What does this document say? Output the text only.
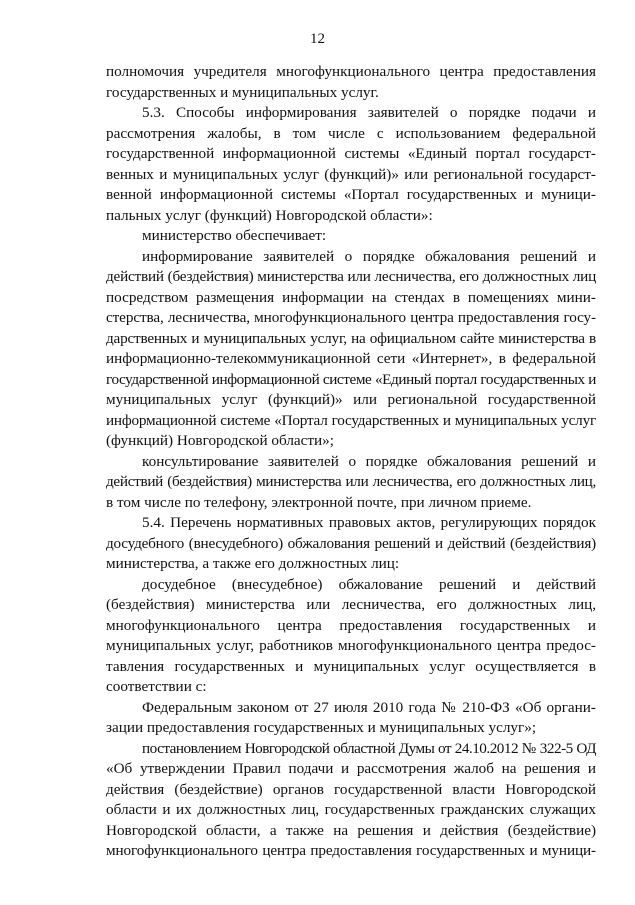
12
полномочия учредителя многофункционального центра предоставления
государственных и муниципальных услуг.
5.3. Способы информирования заявителей о порядке подачи и
рассмотрения жалобы, в том числе с использованием федеральной
государственной информационной системы «Единый портал государст-
венных и муниципальных услуг (функций)» или региональной государст-
венной информационной системы «Портал государственных и муници-
пальных услуг (функций) Новгородской области»:
министерство обеспечивает:
информирование заявителей о порядке обжалования решений и
действий (бездействия) министерства или лесничества, его должностных лиц
посредством размещения информации на стендах в помещениях мини-
стерства, лесничества, многофункционального центра предоставления госу-
дарственных и муниципальных услуг, на официальном сайте министерства в
информационно-телекоммуникационной сети «Интернет», в федеральной
государственной информационной системе «Единый портал государственных и
муниципальных услуг (функций)» или региональной государственной
информационной системе «Портал государственных и муниципальных услуг
(функций) Новгородской области»;
консультирование заявителей о порядке обжалования решений и
действий (бездействия) министерства или лесничества, его должностных лиц,
в том числе по телефону, электронной почте, при личном приеме.
5.4. Перечень нормативных правовых актов, регулирующих порядок
досудебного (внесудебного) обжалования решений и действий (бездействия)
министерства, а также его должностных лиц:
досудебное (внесудебное) обжалование решений и действий
(бездействия) министерства или лесничества, его должностных лиц,
многофункционального центра предоставления государственных и
муниципальных услуг, работников многофункционального центра предос-
тавления государственных и муниципальных услуг осуществляется в
соответствии с:
Федеральным законом от 27 июля 2010 года № 210-ФЗ «Об органи-
зации предоставления государственных и муниципальных услуг»;
постановлением Новгородской областной Думы от 24.10.2012 № 322-5 ОД
«Об утверждении Правил подачи и рассмотрения жалоб на решения и
действия (бездействие) органов государственной власти Новгородской
области и их должностных лиц, государственных гражданских служащих
Новгородской области, а также на решения и действия (бездействие)
многофункционального центра предоставления государственных и муници-
